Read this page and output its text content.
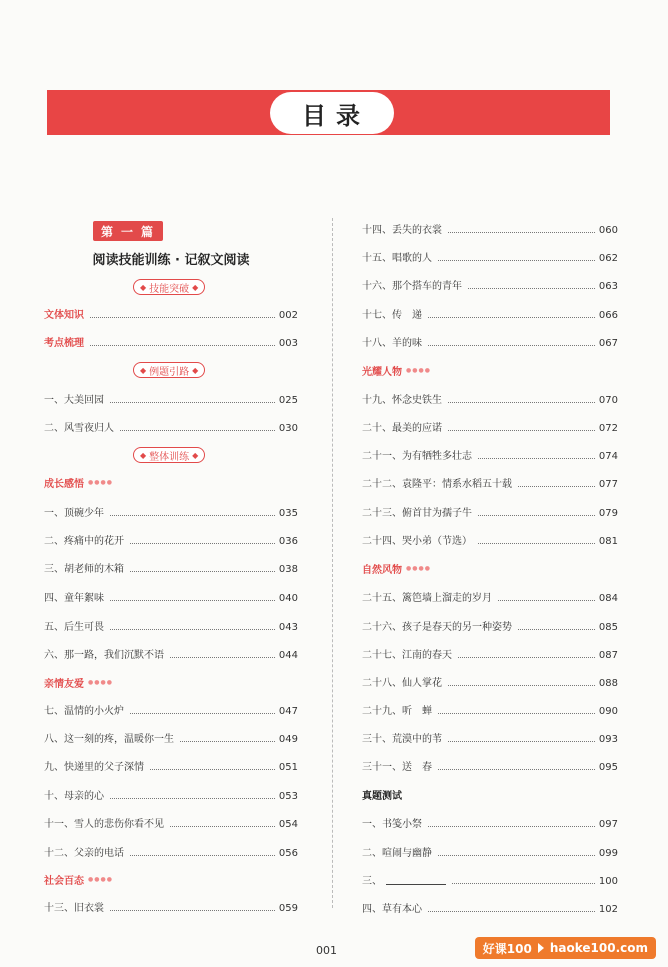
目录
第一篇
阅读技能训练 · 记叙文阅读
◆ 技能突破 ◆
文体知识	002
考点梳理	003
◆ 例题引路 ◆
一、大美回园	025
二、风雪夜归人	030
◆ 整体训练 ◆
成长感悟 ●●●●
一、顶碗少年	035
二、疼痛中的花开	036
三、胡老师的木箱	038
四、童年絮味	040
五、后生可畏	043
六、那一路，我们沉默不语	044
亲情友爱 ●●●●
七、温情的小火炉	047
八、这一刻的疼，温暖你一生	049
九、快递里的父子深情	051
十、母亲的心	053
十一、雪人的悲伤你看不见	054
十二、父亲的电话	056
社会百态 ●●●●
十三、旧衣裳	059
十四、丢失的衣裳	060
十五、唱歌的人	062
十六、那个搭车的青年	063
十七、传　递	066
十八、羊的味	067
光耀人物 ●●●●
十九、怀念史铁生	070
二十、最美的应诺	072
二十一、为有牺牲多壮志	074
二十二、袁隆平：情系水稻五十载	077
二十三、俯首甘为孺子牛	079
二十四、哭小弟（节选）	081
自然风物 ●●●●
二十五、篱笆墙上溜走的岁月	084
二十六、孩子是春天的另一种姿势	085
二十七、江南的春天	087
二十八、仙人掌花	088
二十九、听　蝉	090
三十、荒漠中的苇	093
三十一、送　春	095
真题测试
一、书笺小祭	097
二、喧闹与幽静	099
三、	100
四、草有本心	102
001	好课100 haoke100.com
